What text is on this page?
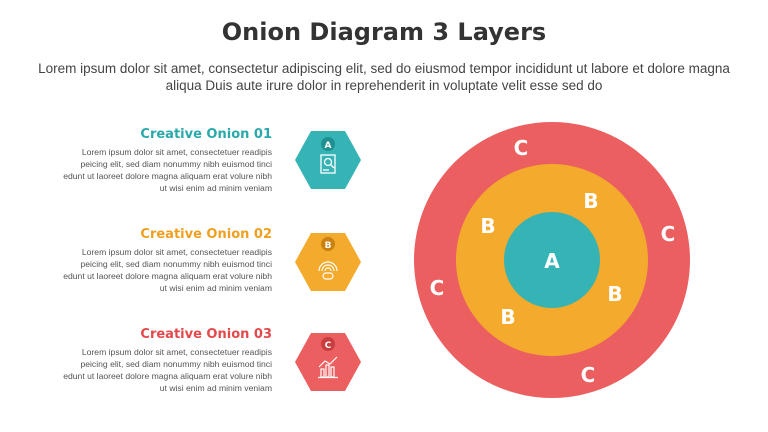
Onion Diagram 3 Layers
Lorem ipsum dolor sit amet, consectetur adipiscing elit, sed do eiusmod tempor incididunt ut labore et dolore magna aliqua Duis aute irure dolor in reprehenderit in voluptate velit esse sed do
Creative Onion 01

Lorem ipsum dolor sit amet, consectetuer readipis peicing elit, sed diam nonummy nibh euismod tinci edunt ut laoreet dolore magna aliquam erat volure nibh ut wisi enim ad minim veniam

Creative Onion 02

Lorem ipsum dolor sit amet, consectetuer readipis peicing elit, sed diam nonummy nibh euismod tinci edunt ut laoreet dolore magna aliquam erat volure nibh ut wisi enim ad minim veniam

Creative Onion 03

Lorem ipsum dolor sit amet, consectetuer readipis peicing elit, sed diam nonummy nibh euismod tinci edunt ut laoreet dolore magna aliquam erat volure nibh ut wisi enim ad minim veniam

A
B
C
A
B
B
B
B
C
C
C
C
